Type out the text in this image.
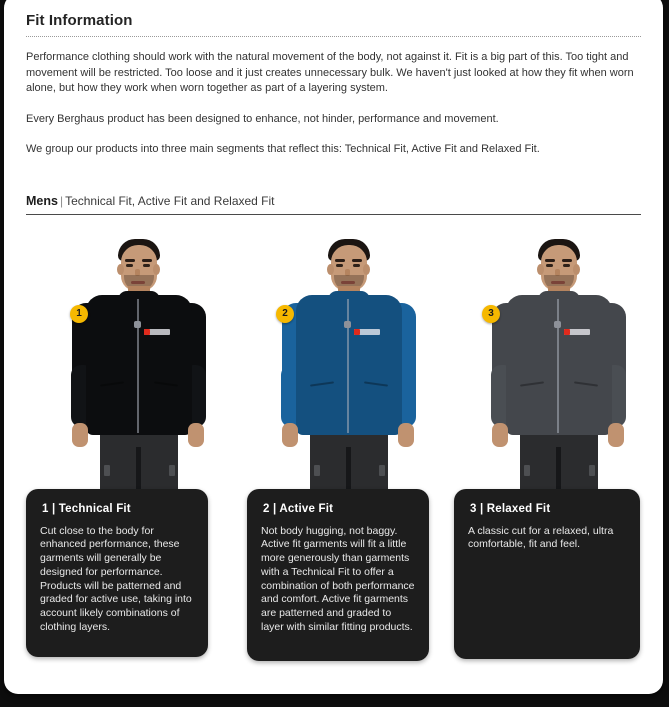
Fit Information

Performance clothing should work with the natural movement of the body, not against it. Fit is a big part of this. Too tight and movement will be restricted. Too loose and it just creates unnecessary bulk. We haven't just looked at how they fit when worn alone, but how they work when worn together as part of a layering system.

Every Berghaus product has been designed to enhance, not hinder, performance and movement.

We group our products into three main segments that reflect this: Technical Fit, Active Fit and Relaxed Fit.

Mens | Technical Fit, Active Fit and Relaxed Fit
1	2	3
1 | Technical Fit

Cut close to the body for enhanced performance, these garments will generally be designed for performance. Products will be patterned and graded for active use, taking into account likely combinations of clothing layers.

2 | Active Fit

Not body hugging, not baggy. Active fit garments will fit a little more generously than garments with a Technical Fit to offer a combination of both performance and comfort. Active fit garments are patterned and graded to layer with similar fitting products.

3 | Relaxed Fit

A classic cut for a relaxed, ultra comfortable, fit and feel.
